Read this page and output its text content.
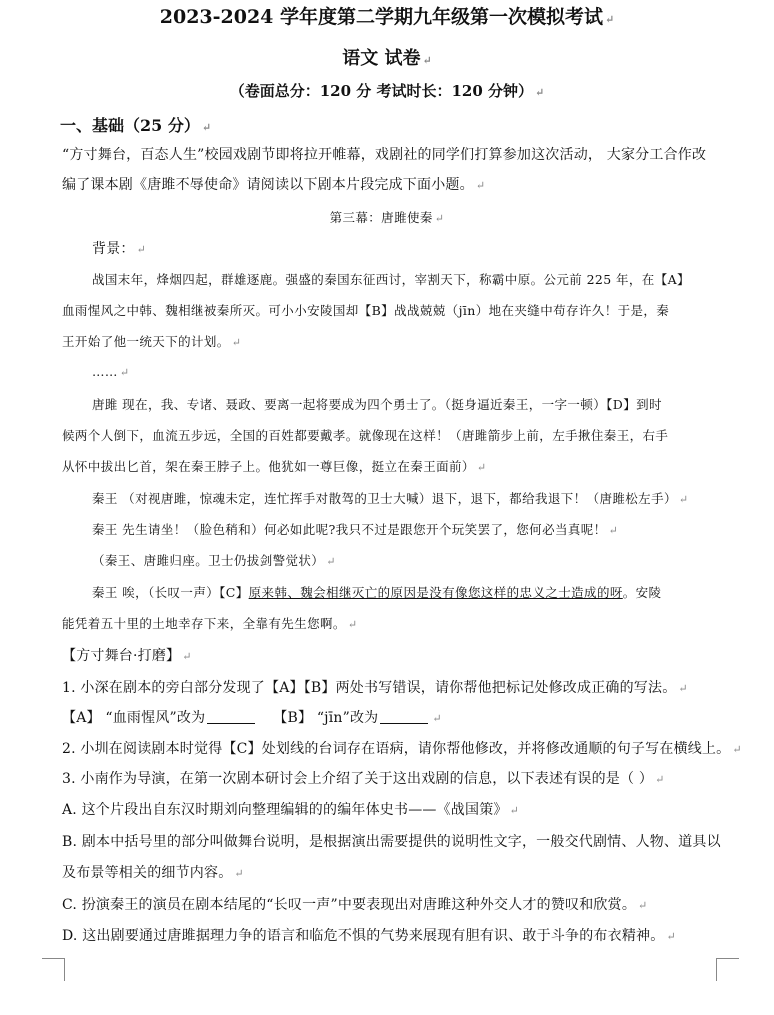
2023-2024 学年度第二学期九年级第一次模拟考试 ↵
语文 试卷 ↵
（卷面总分：120 分 考试时长：120 分钟） ↵
一、基础（25 分） ↵
“方寸舞台，百态人生”校园戏剧节即将拉开帷幕，戏剧社的同学们打算参加这次活动， 大家分工合作改
编了课本剧《唐雎不辱使命》请阅读以下剧本片段完成下面小题。 ↵
第三幕：唐雎使秦 ↵
背景： ↵
战国末年，烽烟四起，群雄逐鹿。强盛的秦国东征西讨，宰割天下，称霸中原。公元前 225 年，在【A】
血雨惺风之中韩、魏相继被秦所灭。可小小安陵国却【B】战战兢兢（jīn）地在夹缝中苟存许久！于是，秦
王开始了他一统天下的计划。 ↵
…… ↵
唐雎 现在，我、专诸、聂政、要离一起将要成为四个勇士了。（挺身逼近秦王，一字一顿）【D】到时
候两个人倒下，血流五步远，全国的百姓都要戴孝。就像现在这样！（唐雎箭步上前，左手揪住秦王，右手
从怀中拔出匕首，架在秦王脖子上。他犹如一尊巨像，挺立在秦王面前） ↵
秦王 （对视唐雎，惊魂未定，连忙挥手对散驾的卫士大喊）退下，退下，都给我退下！（唐雎松左手） ↵
秦王 先生请坐！（脸色稍和）何必如此呢?我只不过是跟您开个玩笑罢了，您何必当真呢！ ↵
（秦王、唐雎归座。卫士仍拔剑警觉状） ↵
秦王 唉，（长叹一声）【C】原来韩、魏会相继灭亡的原因是没有像您这样的忠义之士造成的呀。安陵
能凭着五十里的土地幸存下来，全靠有先生您啊。 ↵
【方寸舞台·打磨】 ↵
1. 小深在剧本的旁白部分发现了【A】【B】两处书写错误，请你帮他把标记处修改成正确的写法。 ↵
【A】 “血雨惺风”改为	【B】 “jīn”改为	↵
2. 小圳在阅读剧本时觉得【C】处划线的台词存在语病，请你帮他修改，并将修改通顺的句子写在横线上。 ↵
3. 小南作为导演，在第一次剧本研讨会上介绍了关于这出戏剧的信息，以下表述有误的是（ ） ↵
A. 这个片段出自东汉时期刘向整理编辑的的编年体史书——《战国策》 ↵
B. 剧本中括号里的部分叫做舞台说明，是根据演出需要提供的说明性文字，一般交代剧情、人物、道具以
及布景等相关的细节内容。 ↵
C. 扮演秦王的演员在剧本结尾的“长叹一声”中要表现出对唐雎这种外交人才的赞叹和欣赏。 ↵
D. 这出剧要通过唐雎据理力争的语言和临危不惧的气势来展现有胆有识、敢于斗争的布衣精神。 ↵
